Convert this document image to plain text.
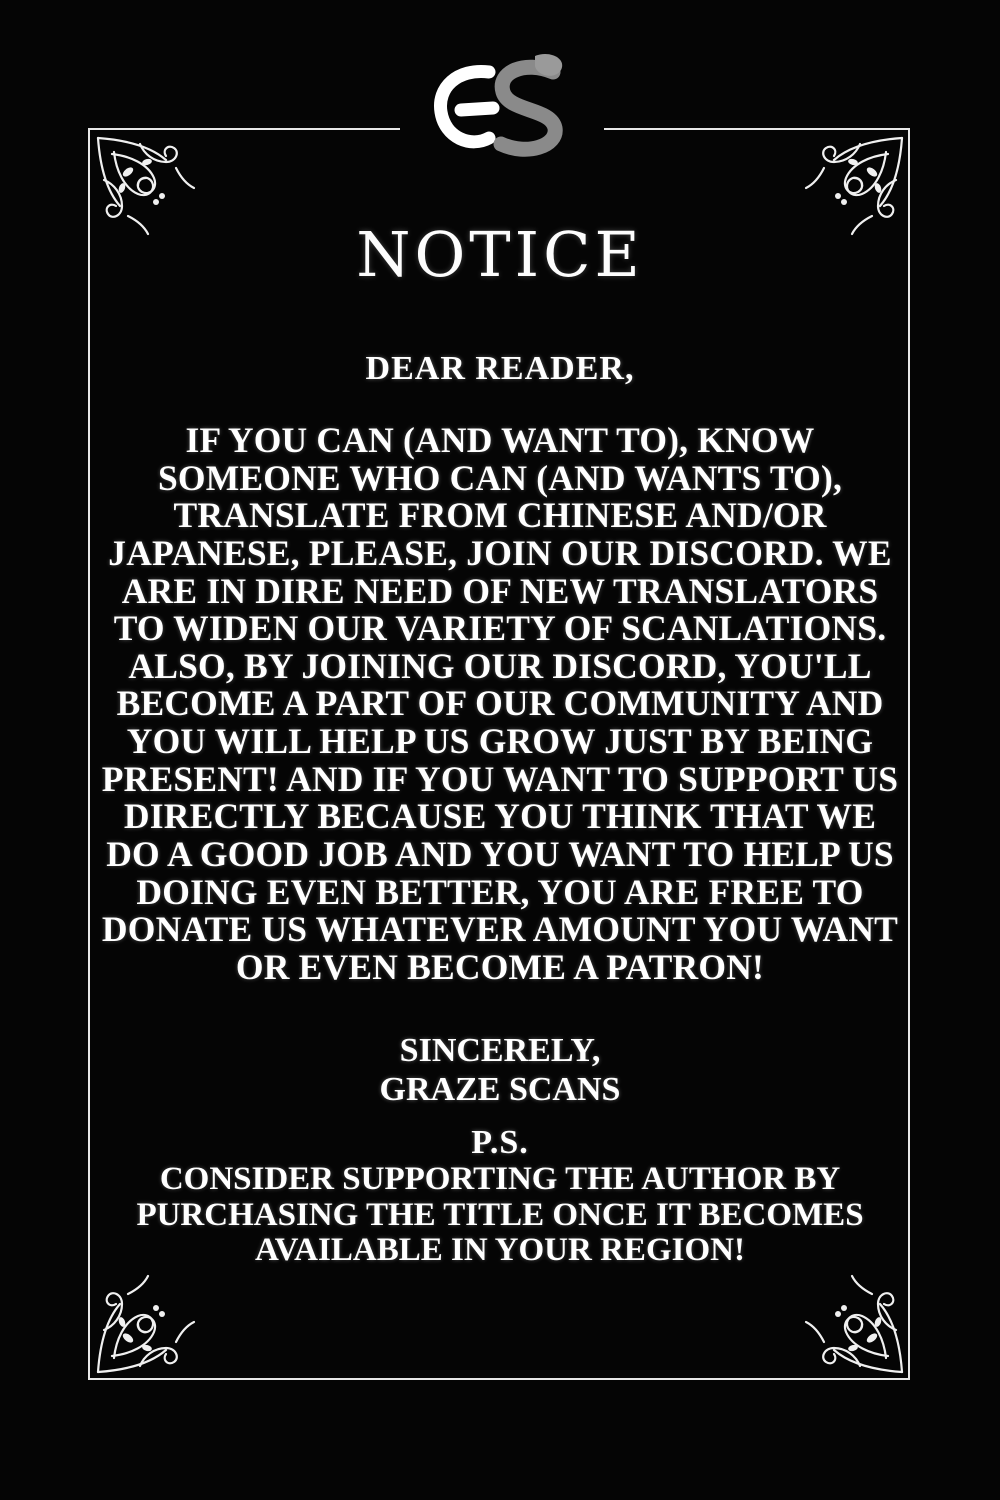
NOTICE
DEAR READER,
IF YOU CAN (AND WANT TO), KNOW SOMEONE WHO CAN (AND WANTS TO), TRANSLATE FROM CHINESE AND/OR JAPANESE, PLEASE, JOIN OUR DISCORD. WE ARE IN DIRE NEED OF NEW TRANSLATORS TO WIDEN OUR VARIETY OF SCANLATIONS. ALSO, BY JOINING OUR DISCORD, YOU'LL BECOME A PART OF OUR COMMUNITY AND YOU WILL HELP US GROW JUST BY BEING PRESENT! AND IF YOU WANT TO SUPPORT US DIRECTLY BECAUSE YOU THINK THAT WE DO A GOOD JOB AND YOU WANT TO HELP US DOING EVEN BETTER, YOU ARE FREE TO DONATE US WHATEVER AMOUNT YOU WANT OR EVEN BECOME A PATRON!
SINCERELY,
GRAZE SCANS
P.S.
CONSIDER SUPPORTING THE AUTHOR BY PURCHASING THE TITLE ONCE IT BECOMES AVAILABLE IN YOUR REGION!
